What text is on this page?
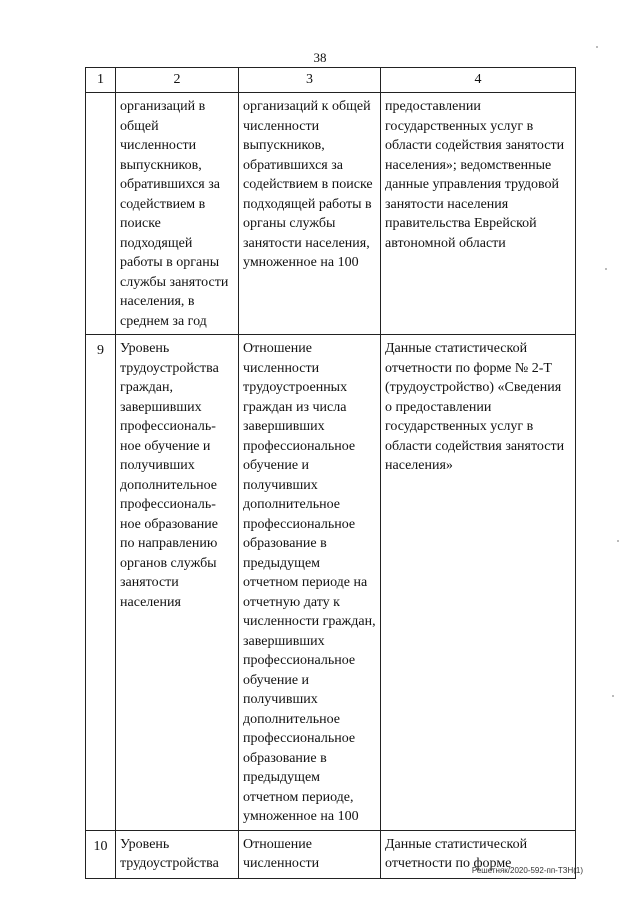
38
1	2	3	4
	организаций в общей численности выпускников, обратившихся за содействием в поиске подходящей работы в органы службы занятости населения, в среднем за год	организаций к общей численности выпускников, обратившихся за содействием в поиске подходящей работы в органы службы занятости населения, умноженное на 100	предоставлении государственных услуг в области содействия занятости населения»; ведомственные данные управления трудовой занятости населения правительства Еврейской автономной области
9	Уровень трудоустройства граждан, завершивших профессиональ-ное обучение и получивших дополнительное профессиональ-ное образование по направлению органов службы занятости населения	Отношение численности трудоустроенных граждан из числа завершивших профессиональное обучение и получивших дополнительное профессиональное образование в предыдущем отчетном периоде на отчетную дату к численности граждан, завершивших профессиональное обучение и получивших дополнительное профессиональное образование в предыдущем отчетном периоде, умноженное на 100	Данные статистической отчетности по форме № 2-Т (трудоустройство) «Сведения о предоставлении государственных услуг в области содействия занятости населения»
10	Уровень трудоустройства	Отношение численности	Данные статистической отчетности по форме
Решетняк/2020-592-пп-ТЗН(1)
